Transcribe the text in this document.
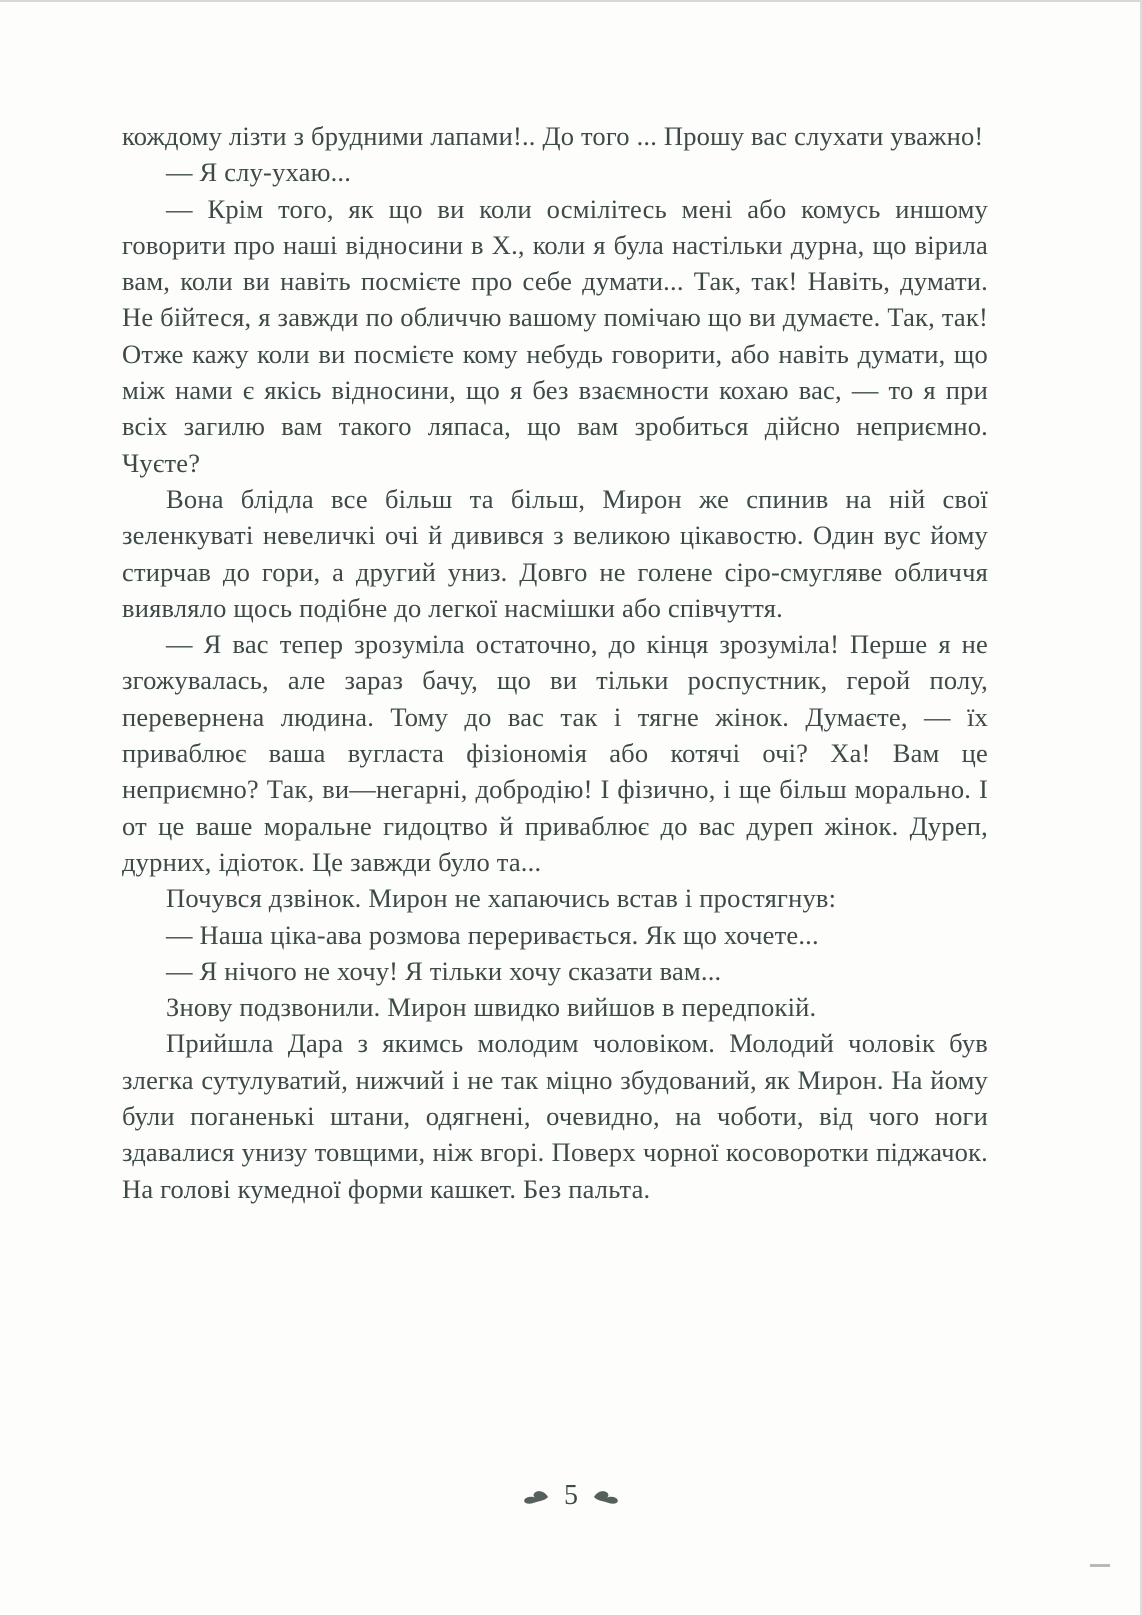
кождому лізти з брудними лапами!.. До того ... Прошу вас слухати уважно!

— Я слу-ухаю...

— Крім того, як що ви коли осмілітесь мені або комусь иншому говорити про наші відносини в Х., коли я була настільки дурна, що вірила вам, коли ви навіть посмієте про себе думати... Так, так! Навіть, думати. Не бійтеся, я завжди по обличчю вашому помічаю що ви думаєте. Так, так! Отже кажу коли ви посмієте кому небудь говорити, або навіть думати, що між нами є якісь відносини, що я без взаємности кохаю вас, — то я при всіх загилю вам такого ляпаса, що вам зробиться дійсно неприємно. Чуєте?

Вона блідла все більш та більш, Мирон же спинив на ній свої зеленкуваті невеличкі очі й дивився з великою цікавостю. Один вус йому стирчав до гори, а другий униз. Довго не голене сіро-смугляве обличчя виявляло щось подібне до легкої насмішки або співчуття.

— Я вас тепер зрозуміла остаточно, до кінця зрозуміла! Перше я не згожувалась, але зараз бачу, що ви тільки роспустник, герой полу, перевернена людина. Тому до вас так і тягне жінок. Думаєте, — їх приваблює ваша вугласта фізіономія або котячі очі? Ха! Вам це неприємно? Так, ви—негарні, добродію! І фізично, і ще більш морально. І от це ваше моральне гидоцтво й приваблює до вас дуреп жінок. Дуреп, дурних, ідіоток. Це завжди було та...

Почувся дзвінок. Мирон не хапаючись встав і простягнув:

— Наша ціка-ава розмова переривається. Як що хочете...

— Я нічого не хочу! Я тільки хочу сказати вам...

Знову подзвонили. Мирон швидко вийшов в передпокій.

Прийшла Дара з якимсь молодим чоловіком. Молодий чоловік був злегка сутулуватий, нижчий і не так міцно збудований, як Мирон. На йому були поганенькі штани, одягнені, очевидно, на чоботи, від чого ноги здавалися унизу товщими, ніж вгорі. Поверх чорної косоворотки піджачок. На голові кумедної форми кашкет. Без пальта.

5
